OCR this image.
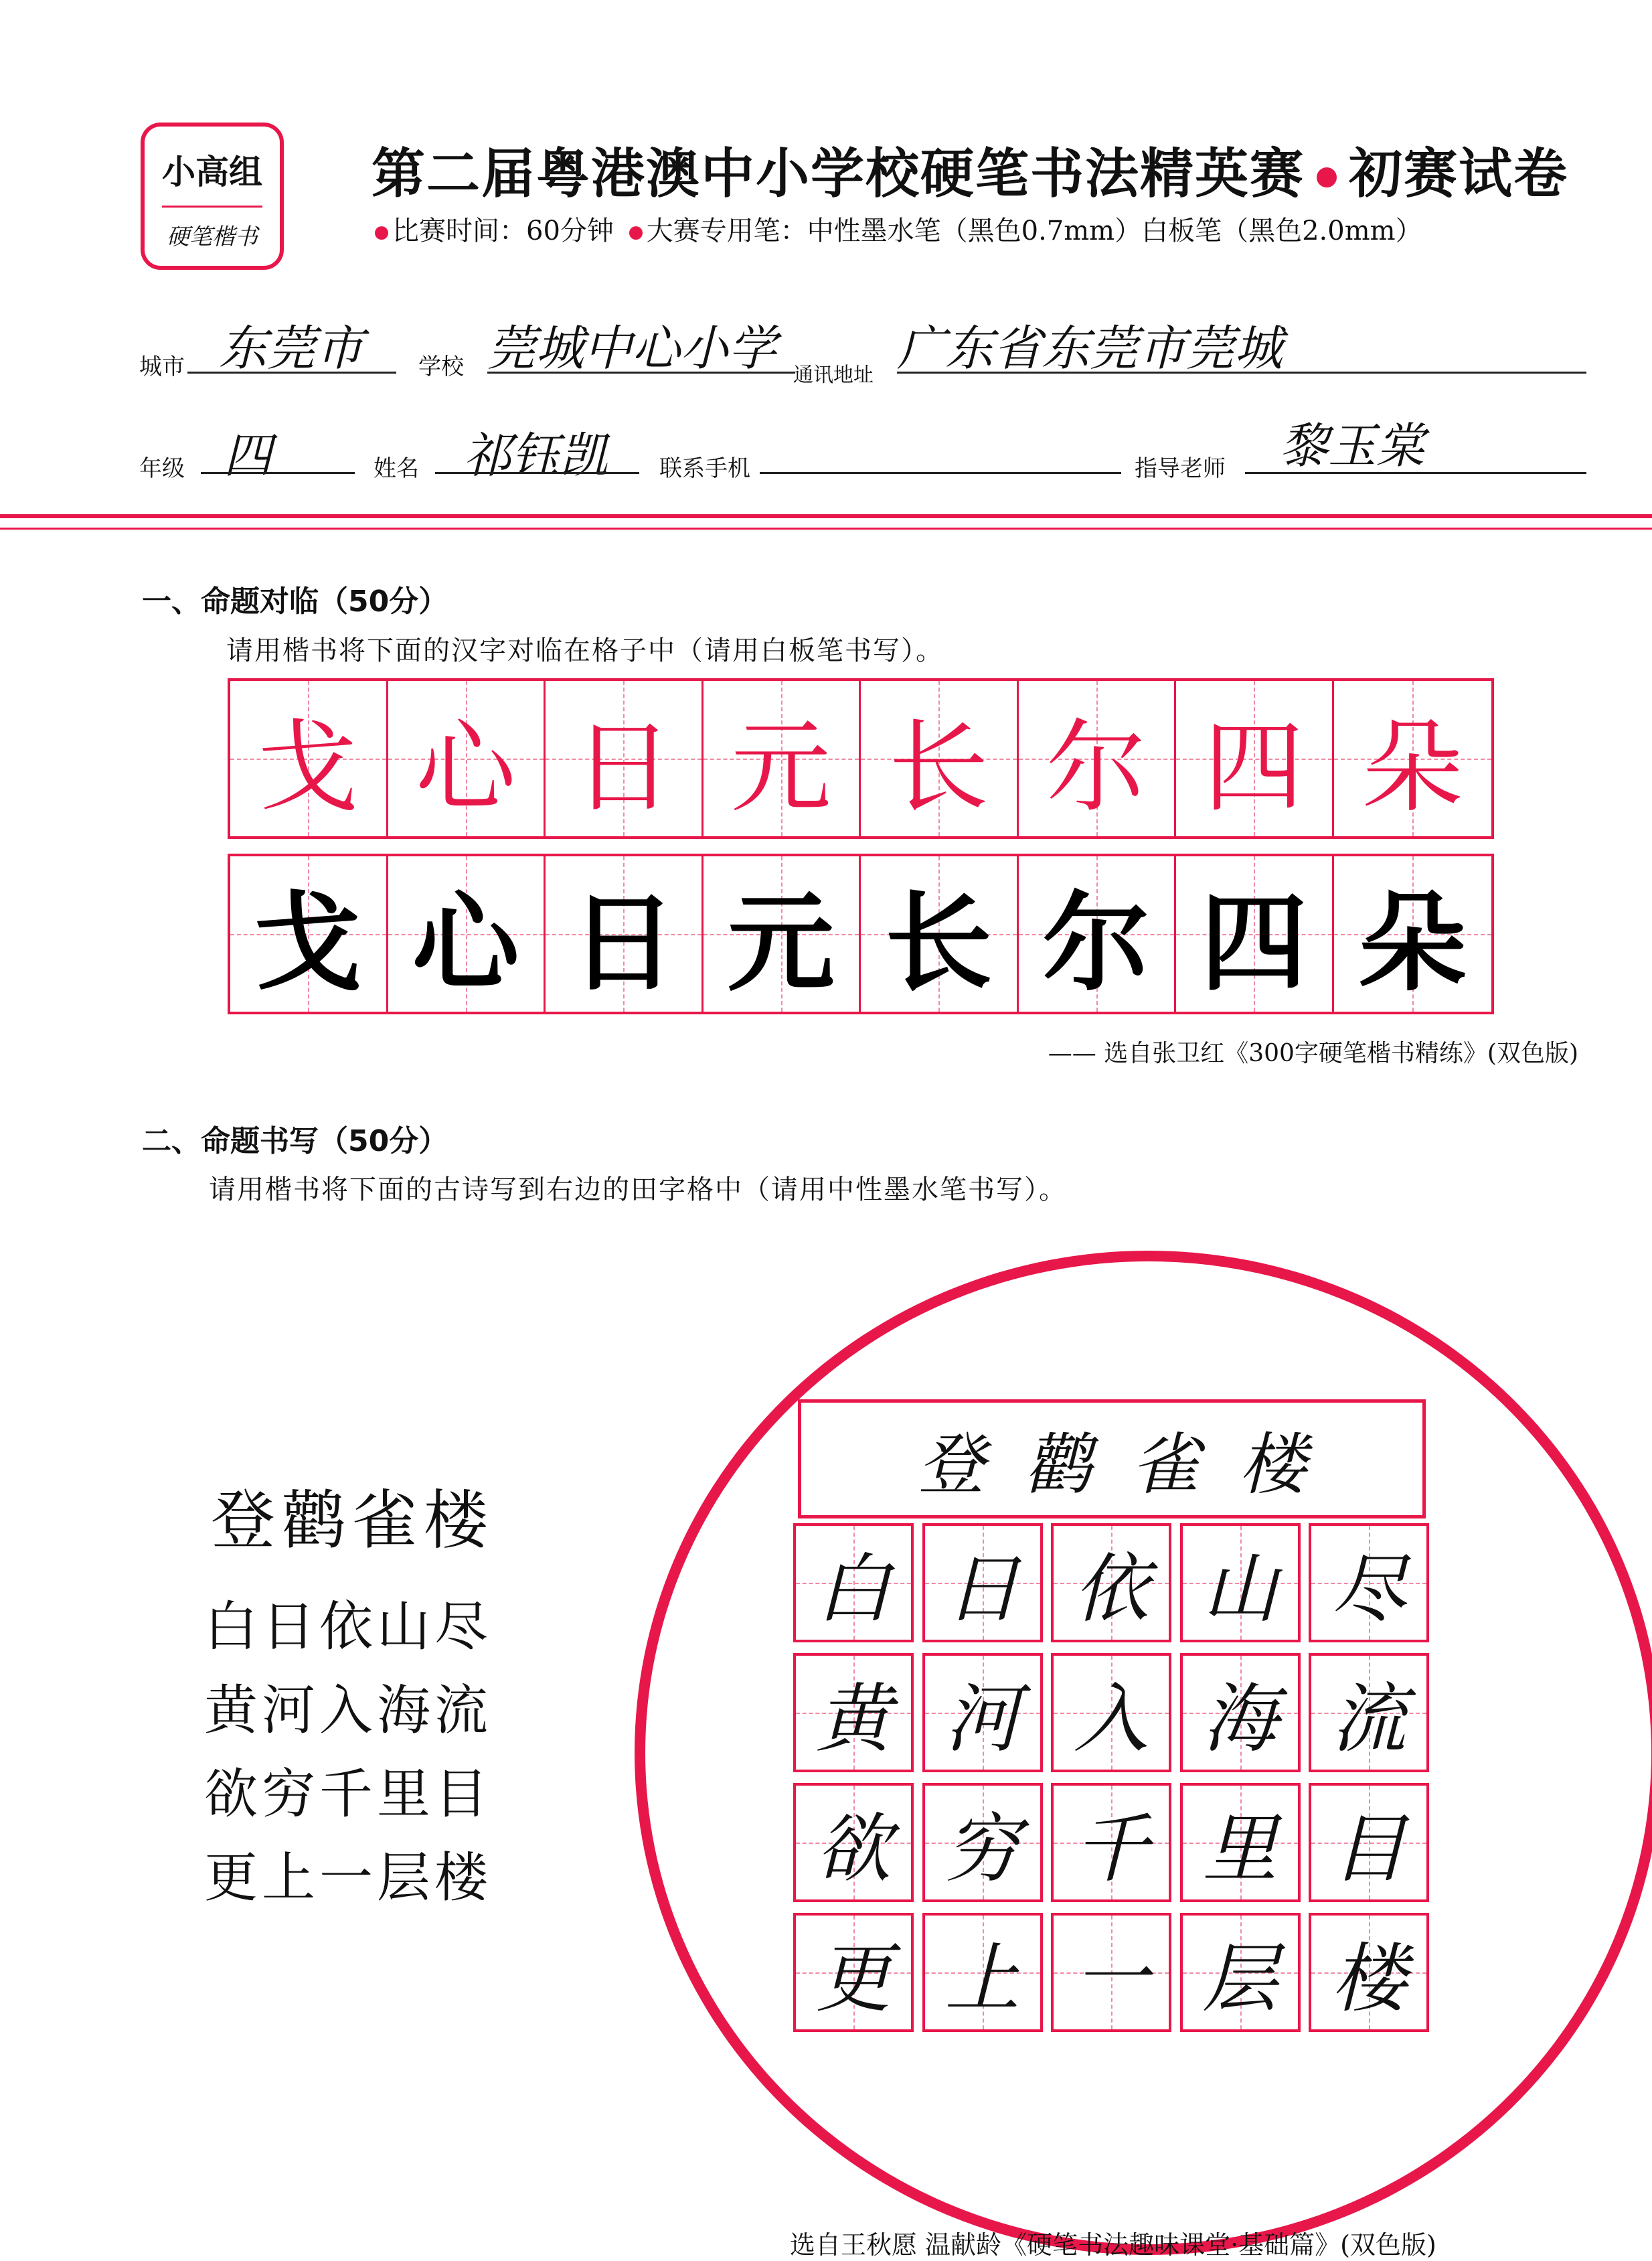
小高组
硬笔楷书
第二届粤港澳中小学校硬笔书法精英赛 初赛试卷
比赛时间：60分钟 大赛专用笔：中性墨水笔（黑色0.7mm）白板笔（黑色2.0mm）
城市 东莞市	学校 莞城中心小学 通讯地址 广东省东莞市莞城
年级 四	姓名 祁钰凯	联系手机	指导老师	黎玉棠
一、命题对临（50分）
请用楷书将下面的汉字对临在格子中（请用白板笔书写）。
戈 心 日 元 长 尔 四 朵
戈 心 日 元 长 尔 四 朵
—— 选自张卫红《300字硬笔楷书精练》(双色版)
二、命题书写（50分）
请用楷书将下面的古诗写到右边的田字格中（请用中性墨水笔书写）。
登鹳雀楼
白日依山尽
黄河入海流
欲穷千里目
更上一层楼
登鹳雀楼
白 日 依 山 尽
黄 河 入 海 流
欲 穷 千 里 目
更 上 一 层 楼
选自王秋愿 温献龄《硬笔书法趣味课堂·基础篇》(双色版)
